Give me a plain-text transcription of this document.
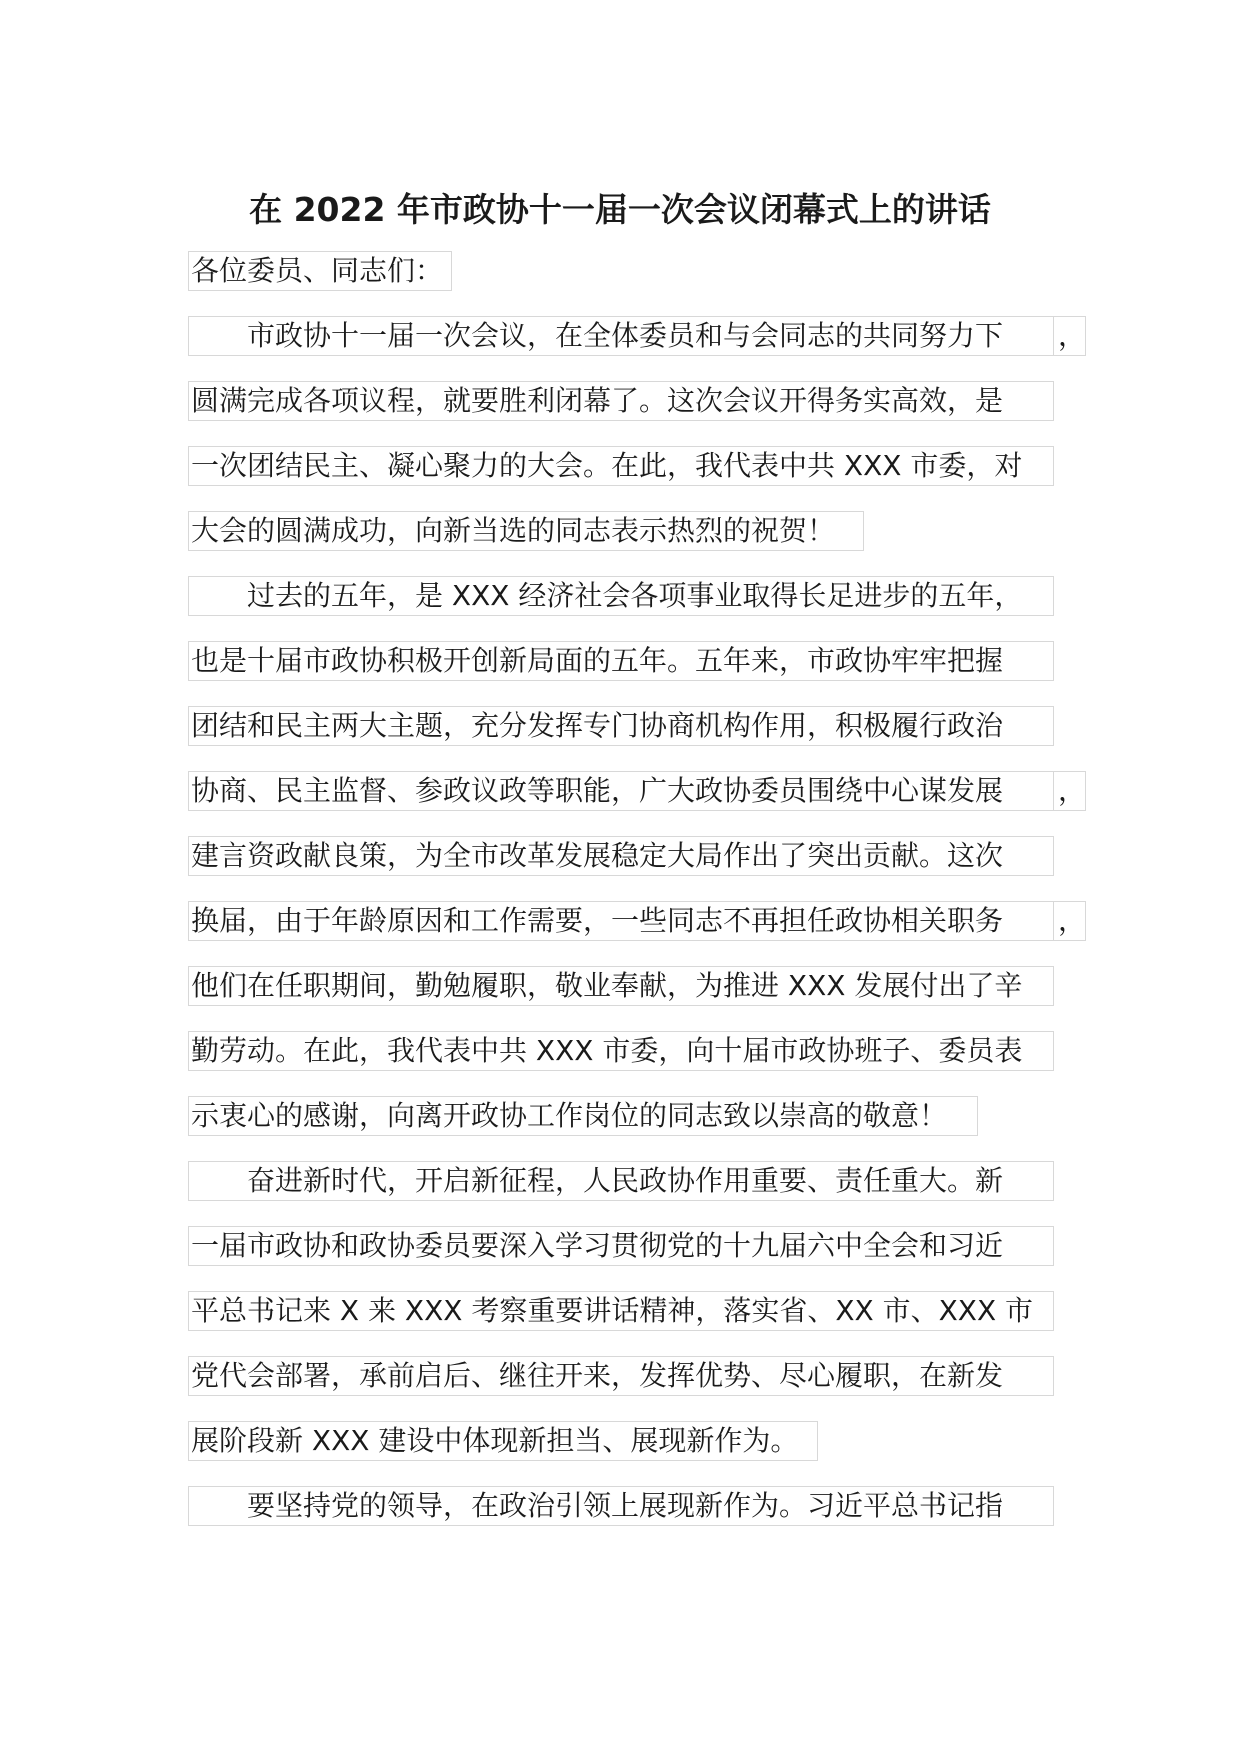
在 2022 年市政协十一届一次会议闭幕式上的讲话
各位委员、同志们：
市政协十一届一次会议，在全体委员和与会同志的共同努力下	，
圆满完成各项议程，就要胜利闭幕了。这次会议开得务实高效，是
一次团结民主、凝心聚力的大会。在此，我代表中共 XXX 市委，对
大会的圆满成功，向新当选的同志表示热烈的祝贺！
过去的五年，是 XXX 经济社会各项事业取得长足进步的五年，
也是十届市政协积极开创新局面的五年。五年来，市政协牢牢把握
团结和民主两大主题，充分发挥专门协商机构作用，积极履行政治
协商、民主监督、参政议政等职能，广大政协委员围绕中心谋发展	，
建言资政献良策，为全市改革发展稳定大局作出了突出贡献。这次
换届，由于年龄原因和工作需要，一些同志不再担任政协相关职务	，
他们在任职期间，勤勉履职，敬业奉献，为推进 XXX 发展付出了辛
勤劳动。在此，我代表中共 XXX 市委，向十届市政协班子、委员表
示衷心的感谢，向离开政协工作岗位的同志致以崇高的敬意！
奋进新时代，开启新征程，人民政协作用重要、责任重大。新
一届市政协和政协委员要深入学习贯彻党的十九届六中全会和习近
平总书记来 X 来 XXX 考察重要讲话精神，落实省、XX 市、XXX 市
党代会部署，承前启后、继往开来，发挥优势、尽心履职，在新发
展阶段新 XXX 建设中体现新担当、展现新作为。
要坚持党的领导，在政治引领上展现新作为。习近平总书记指
